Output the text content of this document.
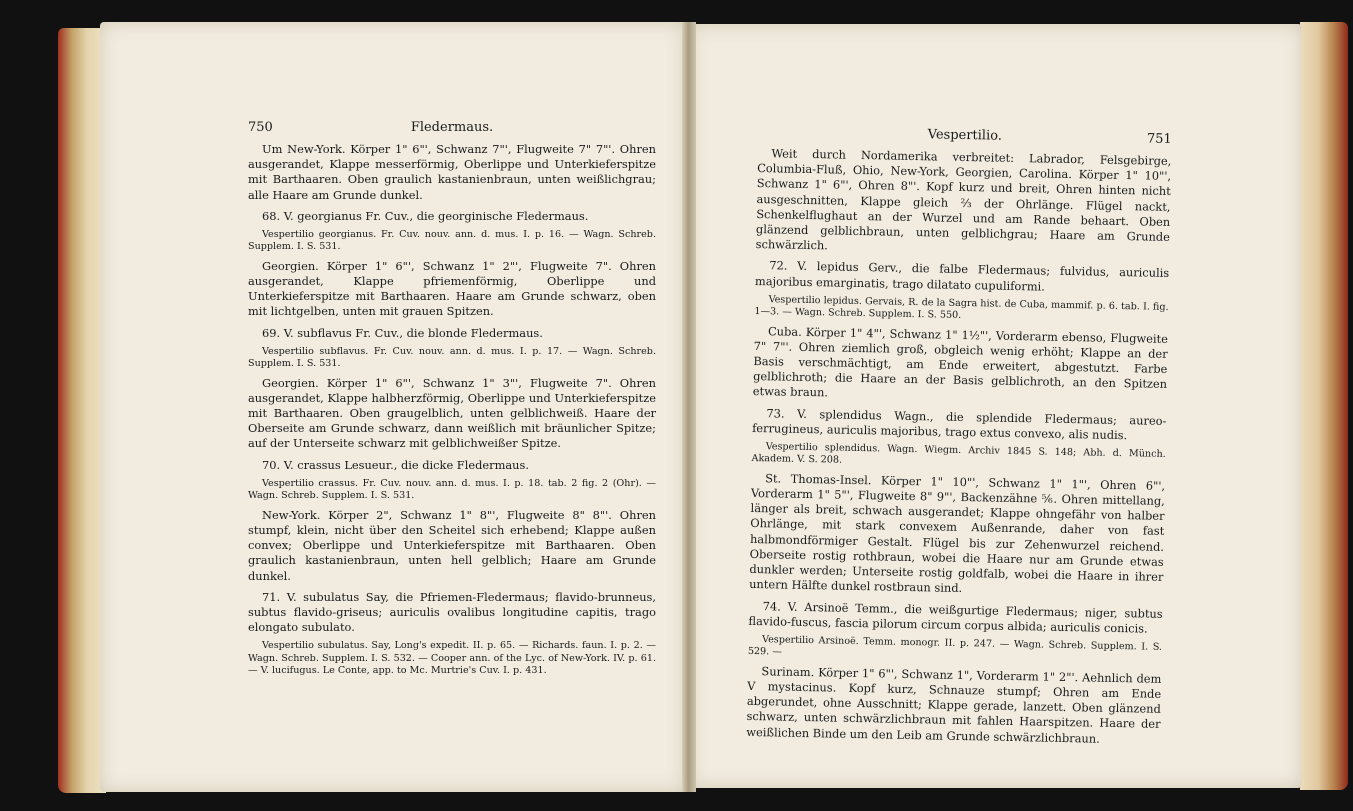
750	Fledermaus.

Um New-York. Körper 1" 6"', Schwanz 7"', Flugweite 7" 7"'. Ohren ausgerandet, Klappe messerförmig, Oberlippe und Unterkieferspitze mit Barthaaren. Oben graulich kastanienbraun, unten weißlichgrau; alle Haare am Grunde dunkel.

68. V. georgianus Fr. Cuv., die georginische Fledermaus.

Vespertilio georgianus. Fr. Cuv. nouv. ann. d. mus. I. p. 16. — Wagn. Schreb. Supplem. I. S. 531.

Georgien. Körper 1" 6"', Schwanz 1" 2"', Flugweite 7". Ohren ausgerandet, Klappe pfriemenförmig, Oberlippe und Unterkieferspitze mit Barthaaren. Haare am Grunde schwarz, oben mit lichtgelben, unten mit grauen Spitzen.

69. V. subflavus Fr. Cuv., die blonde Fledermaus.

Vespertilio subflavus. Fr. Cuv. nouv. ann. d. mus. I. p. 17. — Wagn. Schreb. Supplem. I. S. 531.

Georgien. Körper 1" 6"', Schwanz 1" 3"', Flugweite 7". Ohren ausgerandet, Klappe halbherzförmig, Oberlippe und Unterkieferspitze mit Barthaaren. Oben graugelblich, unten gelblichweiß. Haare der Oberseite am Grunde schwarz, dann weißlich mit bräunlicher Spitze; auf der Unterseite schwarz mit gelblichweißer Spitze.

70. V. crassus Lesueur., die dicke Fledermaus.

Vespertilio crassus. Fr. Cuv. nouv. ann. d. mus. I. p. 18. tab. 2 fig. 2 (Ohr). — Wagn. Schreb. Supplem. I. S. 531.

New-York. Körper 2", Schwanz 1" 8"', Flugweite 8" 8"'. Ohren stumpf, klein, nicht über den Scheitel sich erhebend; Klappe außen convex; Oberlippe und Unterkieferspitze mit Barthaaren. Oben graulich kastanienbraun, unten hell gelblich; Haare am Grunde dunkel.

71. V. subulatus Say, die Pfriemen-Fledermaus; flavido-brunneus, subtus flavido-griseus; auriculis ovalibus longitudine capitis, trago elongato subulato.

Vespertilio subulatus. Say, Long's expedit. II. p. 65. — Richards. faun. I. p. 2. — Wagn. Schreb. Supplem. I. S. 532. — Cooper ann. of the Lyc. of New-York. IV. p. 61. — V. lucifugus. Le Conte, app. to Mc. Murtrie's Cuv. I. p. 431.

Vespertilio.	751

Weit durch Nordamerika verbreitet: Labrador, Felsgebirge, Columbia-Fluß, Ohio, New-York, Georgien, Carolina. Körper 1" 10"', Schwanz 1" 6"', Ohren 8"'. Kopf kurz und breit, Ohren hinten nicht ausgeschnitten, Klappe gleich ⅔ der Ohrlänge. Flügel nackt, Schenkelflughaut an der Wurzel und am Rande behaart. Oben glänzend gelblichbraun, unten gelblichgrau; Haare am Grunde schwärzlich.

72. V. lepidus Gerv., die falbe Fledermaus; fulvidus, auriculis majoribus emarginatis, trago dilatato cupuliformi.

Vespertilio lepidus. Gervais, R. de la Sagra hist. de Cuba, mammif. p. 6. tab. I. fig. 1—3. — Wagn. Schreb. Supplem. I. S. 550.

Cuba. Körper 1" 4"', Schwanz 1" 1½"', Vorderarm ebenso, Flugweite 7" 7"'. Ohren ziemlich groß, obgleich wenig erhöht; Klappe an der Basis verschmächtigt, am Ende erweitert, abgestutzt. Farbe gelblichroth; die Haare an der Basis gelblichroth, an den Spitzen etwas braun.

73. V. splendidus Wagn., die splendide Fledermaus; aureo-ferrugineus, auriculis majoribus, trago extus convexo, alis nudis.

Vespertilio splendidus. Wagn. Wiegm. Archiv 1845 S. 148; Abh. d. Münch. Akadem. V. S. 208.

St. Thomas-Insel. Körper 1" 10"', Schwanz 1" 1"', Ohren 6"', Vorderarm 1" 5"', Flugweite 8" 9"', Backenzähne ⅚. Ohren mittellang, länger als breit, schwach ausgerandet; Klappe ohngefähr von halber Ohrlänge, mit stark convexem Außenrande, daher von fast halbmondförmiger Gestalt. Flügel bis zur Zehenwurzel reichend. Oberseite rostig rothbraun, wobei die Haare nur am Grunde etwas dunkler werden; Unterseite rostig goldfalb, wobei die Haare in ihrer untern Hälfte dunkel rostbraun sind.

74. V. Arsinoë Temm., die weißgurtige Fledermaus; niger, subtus flavido-fuscus, fascia pilorum circum corpus albida; auriculis conicis.

Vespertilio Arsinoë. Temm. monogr. II. p. 247. — Wagn. Schreb. Supplem. I. S. 529. —

Surinam. Körper 1" 6"', Schwanz 1", Vorderarm 1" 2"'. Aehnlich dem V mystacinus. Kopf kurz, Schnauze stumpf; Ohren am Ende abgerundet, ohne Ausschnitt; Klappe gerade, lanzett. Oben glänzend schwarz, unten schwärzlichbraun mit fahlen Haarspitzen. Haare der weißlichen Binde um den Leib am Grunde schwärzlichbraun.
